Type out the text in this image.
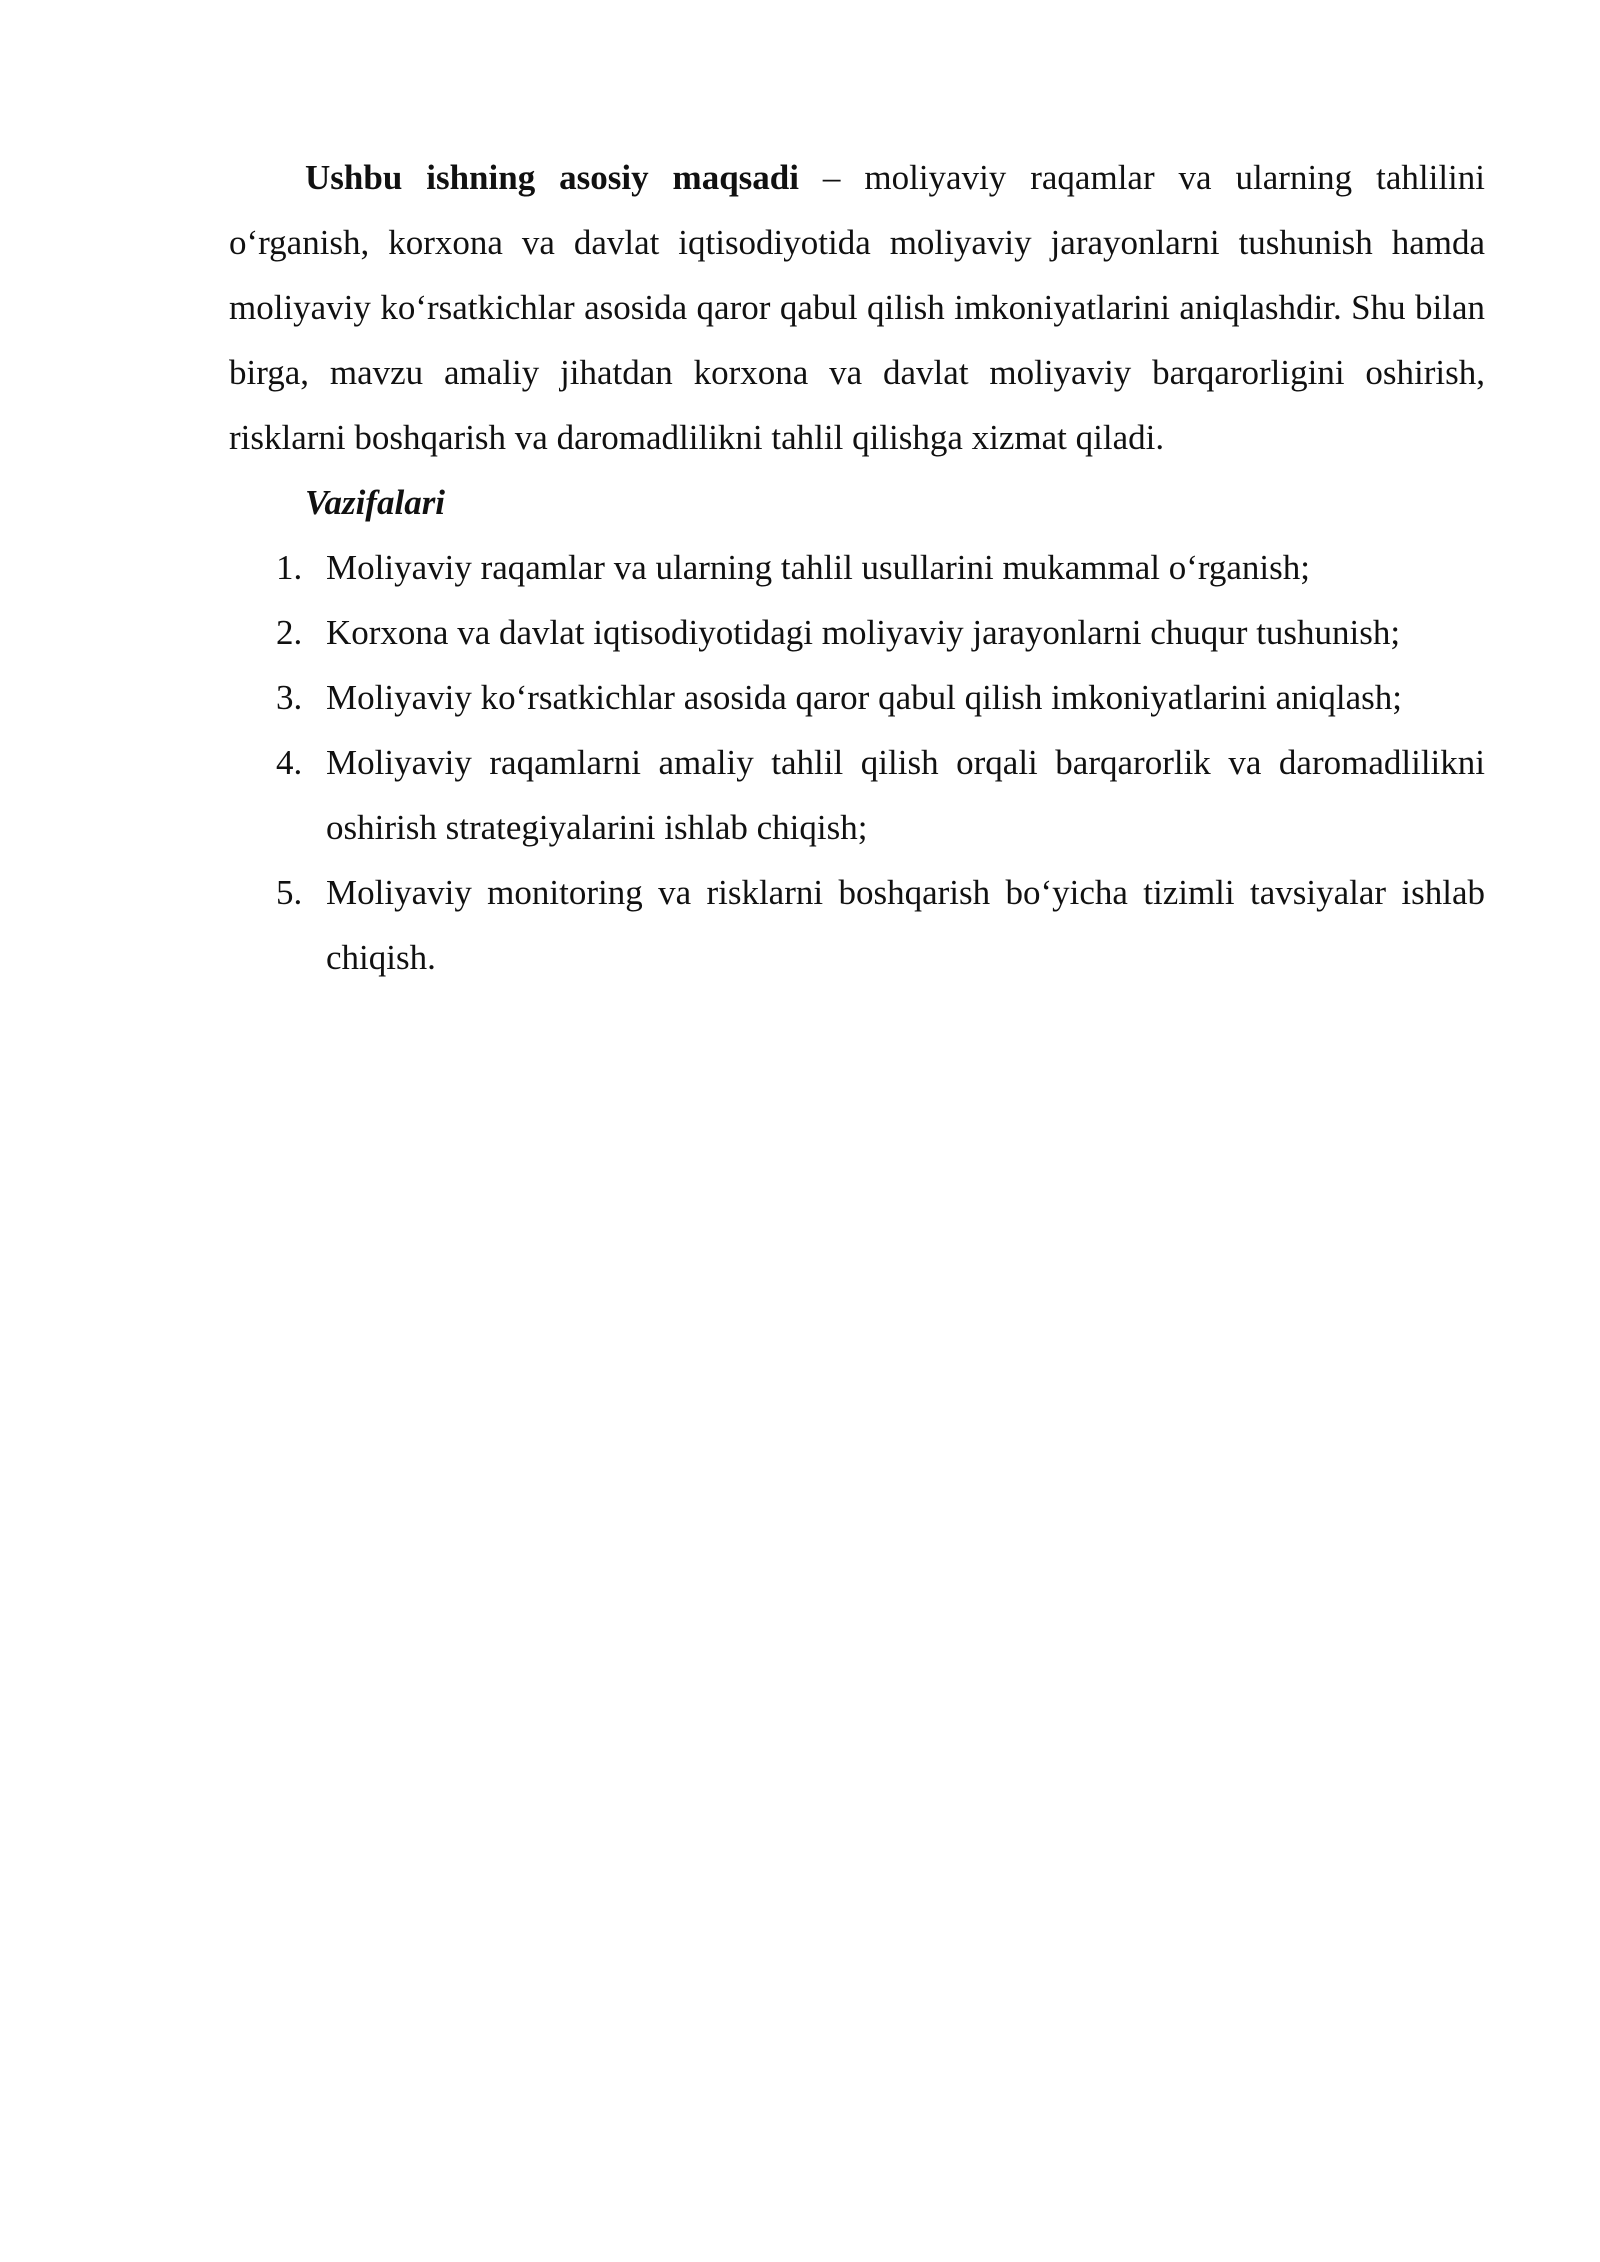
Ushbu ishning asosiy maqsadi – moliyaviy raqamlar va ularning tahlilini o‘rganish, korxona va davlat iqtisodiyotida moliyaviy jarayonlarni tushunish hamda moliyaviy ko‘rsatkichlar asosida qaror qabul qilish imkoniyatlarini aniqlashdir. Shu bilan birga, mavzu amaliy jihatdan korxona va davlat moliyaviy barqarorligini oshirish, risklarni boshqarish va daromadlilikni tahlil qilishga xizmat qiladi.

Vazifalari

1. Moliyaviy raqamlar va ularning tahlil usullarini mukammal o‘rganish;
2. Korxona va davlat iqtisodiyotidagi moliyaviy jarayonlarni chuqur tushunish;
3. Moliyaviy ko‘rsatkichlar asosida qaror qabul qilish imkoniyatlarini aniqlash;
4. Moliyaviy raqamlarni amaliy tahlil qilish orqali barqarorlik va daromadlilikni oshirish strategiyalarini ishlab chiqish;
5. Moliyaviy monitoring va risklarni boshqarish bo‘yicha tizimli tavsiyalar ishlab chiqish.
